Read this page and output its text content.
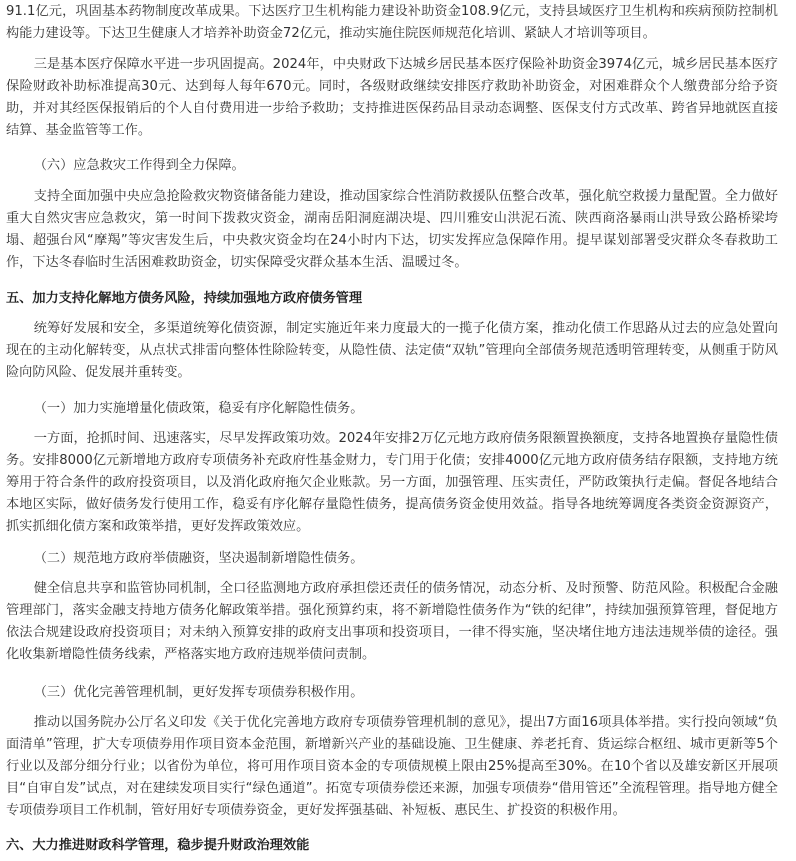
91.1亿元，巩固基本药物制度改革成果。下达医疗卫生机构能力建设补助资金108.9亿元，支持县域医疗卫生机构和疾病预防控制机构能力建设等。下达卫生健康人才培养补助资金72亿元，推动实施住院医师规范化培训、紧缺人才培训等项目。

三是基本医疗保障水平进一步巩固提高。2024年，中央财政下达城乡居民基本医疗保险补助资金3974亿元，城乡居民基本医疗保险财政补助标准提高30元、达到每人每年670元。同时，各级财政继续安排医疗救助补助资金，对困难群众个人缴费部分给予资助，并对其经医保报销后的个人自付费用进一步给予救助；支持推进医保药品目录动态调整、医保支付方式改革、跨省异地就医直接结算、基金监管等工作。

（六）应急救灾工作得到全力保障。

支持全面加强中央应急抢险救灾物资储备能力建设，推动国家综合性消防救援队伍整合改革，强化航空救援力量配置。全力做好重大自然灾害应急救灾，第一时间下拨救灾资金，湖南岳阳洞庭湖决堤、四川雅安山洪泥石流、陕西商洛暴雨山洪导致公路桥梁垮塌、超强台风“摩羯”等灾害发生后，中央救灾资金均在24小时内下达，切实发挥应急保障作用。提早谋划部署受灾群众冬春救助工作，下达冬春临时生活困难救助资金，切实保障受灾群众基本生活、温暖过冬。

五、加力支持化解地方债务风险，持续加强地方政府债务管理

统筹好发展和安全，多渠道统筹化债资源，制定实施近年来力度最大的一揽子化债方案，推动化债工作思路从过去的应急处置向现在的主动化解转变，从点状式排雷向整体性除险转变，从隐性债、法定债“双轨”管理向全部债务规范透明管理转变，从侧重于防风险向防风险、促发展并重转变。

（一）加力实施增量化债政策，稳妥有序化解隐性债务。

一方面，抢抓时间、迅速落实，尽早发挥政策功效。2024年安排2万亿元地方政府债务限额置换额度，支持各地置换存量隐性债务。安排8000亿元新增地方政府专项债务补充政府性基金财力，专门用于化债；安排4000亿元地方政府债务结存限额，支持地方统筹用于符合条件的政府投资项目，以及消化政府拖欠企业账款。另一方面，加强管理、压实责任，严防政策执行走偏。督促各地结合本地区实际，做好债务发行使用工作，稳妥有序化解存量隐性债务，提高债务资金使用效益。指导各地统筹调度各类资金资源资产，抓实抓细化债方案和政策举措，更好发挥政策效应。

（二）规范地方政府举债融资，坚决遏制新增隐性债务。

健全信息共享和监管协同机制，全口径监测地方政府承担偿还责任的债务情况，动态分析、及时预警、防范风险。积极配合金融管理部门，落实金融支持地方债务化解政策举措。强化预算约束，将不新增隐性债务作为“铁的纪律”，持续加强预算管理，督促地方依法合规建设政府投资项目；对未纳入预算安排的政府支出事项和投资项目，一律不得实施，坚决堵住地方违法违规举债的途径。强化收集新增隐性债务线索，严格落实地方政府违规举债问责制。

（三）优化完善管理机制，更好发挥专项债券积极作用。

推动以国务院办公厅名义印发《关于优化完善地方政府专项债券管理机制的意见》，提出7方面16项具体举措。实行投向领域“负面清单”管理，扩大专项债券用作项目资本金范围，新增新兴产业的基础设施、卫生健康、养老托育、货运综合枢纽、城市更新等5个行业以及部分细分行业；以省份为单位，将可用作项目资本金的专项债规模上限由25%提高至30%。在10个省以及雄安新区开展项目“自审自发”试点，对在建续发项目实行“绿色通道”。拓宽专项债券偿还来源，加强专项债券“借用管还”全流程管理。指导地方健全专项债券项目工作机制，管好用好专项债券资金，更好发挥强基础、补短板、惠民生、扩投资的积极作用。

六、大力推进财政科学管理，稳步提升财政治理效能
